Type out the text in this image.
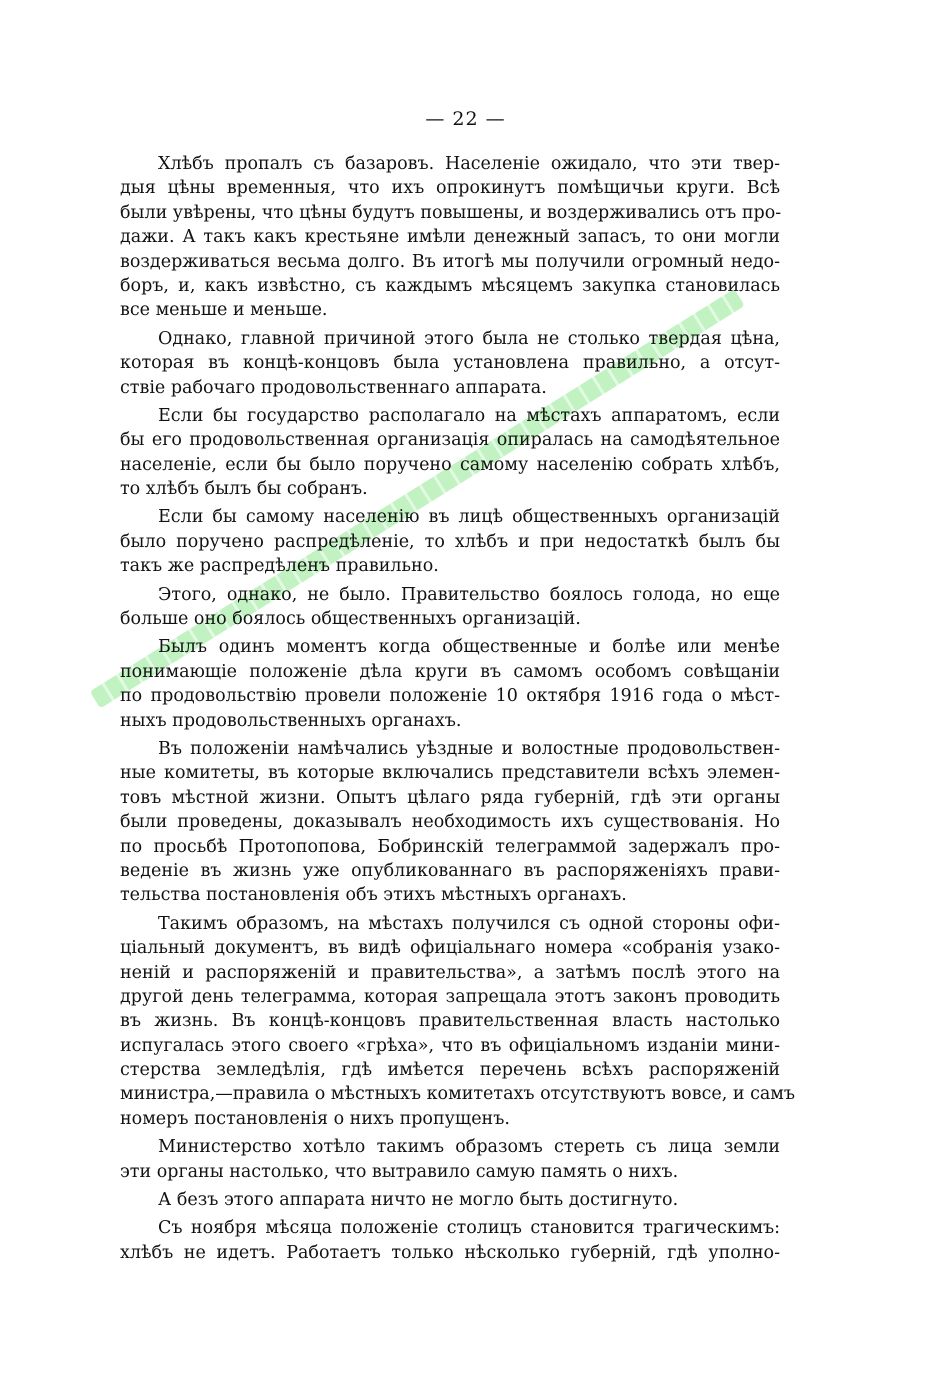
— 22 —
Хлѣбъ пропалъ съ базаровъ. Населеніе ожидало, что эти твер-
дыя цѣны временныя, что ихъ опрокинутъ помѣщичьи круги. Всѣ
были увѣрены, что цѣны будутъ повышены, и воздерживались отъ про-
дажи. А такъ какъ крестьяне имѣли денежный запасъ, то они могли
воздерживаться весьма долго. Въ итогѣ мы получили огромный недо-
боръ, и, какъ извѣстно, съ каждымъ мѣсяцемъ закупка становилась
все меньше и меньше.
Однако, главной причиной этого была не столько твердая цѣна,
которая въ концѣ-концовъ была установлена правильно, а отсут-
ствіе рабочаго продовольственнаго аппарата.
Если бы государство располагало на мѣстахъ аппаратомъ, если
бы его продовольственная организація опиралась на самодѣятельное
населеніе, если бы было поручено самому населенію собрать хлѣбъ,
то хлѣбъ былъ бы собранъ.
Если бы самому населенію въ лицѣ общественныхъ организацій
было поручено распредѣленіе, то хлѣбъ и при недостаткѣ былъ бы
такъ же распредѣленъ правильно.
Этого, однако, не было. Правительство боялось голода, но еще
больше оно боялось общественныхъ организацій.
Былъ одинъ моментъ когда общественные и болѣе или менѣе
понимающіе положеніе дѣла круги въ самомъ особомъ совѣщаніи
по продовольствію провели положеніе 10 октября 1916 года о мѣст-
ныхъ продовольственныхъ органахъ.
Въ положеніи намѣчались уѣздные и волостные продовольствен-
ные комитеты, въ которые включались представители всѣхъ элемен-
товъ мѣстной жизни. Опытъ цѣлаго ряда губерній, гдѣ эти органы
были проведены, доказывалъ необходимость ихъ существованія. Но
по просьбѣ Протопопова, Бобринскій телеграммой задержалъ про-
веденіе въ жизнь уже опубликованнаго въ распоряженіяхъ прави-
тельства постановленія объ этихъ мѣстныхъ органахъ.
Такимъ образомъ, на мѣстахъ получился съ одной стороны офи-
ціальный документъ, въ видѣ офиціальнаго номера «собранія узако-
неній и распоряженій и правительства», а затѣмъ послѣ этого на
другой день телеграмма, которая запрещала этотъ законъ проводить
въ жизнь. Въ концѣ-концовъ правительственная власть настолько
испугалась этого своего «грѣха», что въ офиціальномъ изданіи мини-
стерства земледѣлія, гдѣ имѣется перечень всѣхъ распоряженій
министра,—правила о мѣстныхъ комитетахъ отсутствуютъ вовсе, и самъ
номеръ постановленія о нихъ пропущенъ.
Министерство хотѣло такимъ образомъ стереть съ лица земли
эти органы настолько, что вытравило самую память о нихъ.
А безъ этого аппарата ничто не могло быть достигнуто.
Съ ноября мѣсяца положеніе столицъ становится трагическимъ:
хлѣбъ не идетъ. Работаетъ только нѣсколько губерній, гдѣ уполно-
